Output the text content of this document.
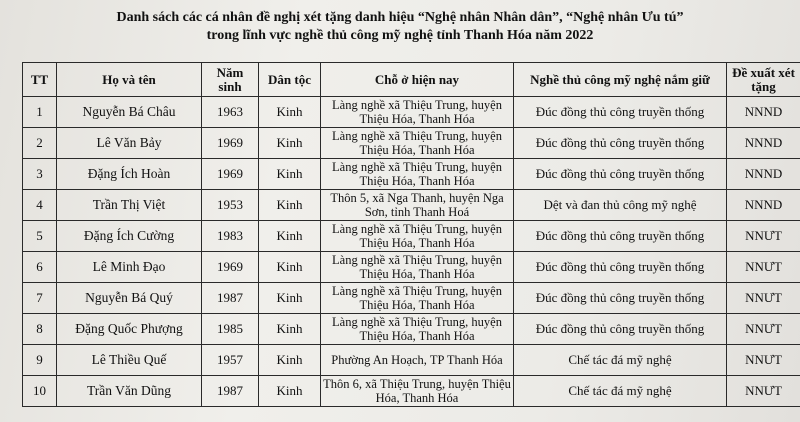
Danh sách các cá nhân đề nghị xét tặng danh hiệu “Nghệ nhân Nhân dân”, “Nghệ nhân Ưu tú”
trong lĩnh vực nghề thủ công mỹ nghệ tỉnh Thanh Hóa năm 2022
TT	Họ và tên	Năm sinh	Dân tộc	Chỗ ở hiện nay	Nghề thủ công mỹ nghệ nắm giữ	Đề xuất xét tặng
1	Nguyễn Bá Châu	1963	Kinh	Làng nghề xã Thiệu Trung, huyện Thiệu Hóa, Thanh Hóa	Đúc đồng thủ công truyền thống	NNND
2	Lê Văn Bảy	1969	Kinh	Làng nghề xã Thiệu Trung, huyện Thiệu Hóa, Thanh Hóa	Đúc đồng thủ công truyền thống	NNND
3	Đặng Ích Hoàn	1969	Kinh	Làng nghề xã Thiệu Trung, huyện Thiệu Hóa, Thanh Hóa	Đúc đồng thủ công truyền thống	NNND
4	Trần Thị Việt	1953	Kinh	Thôn 5, xã Nga Thanh, huyện Nga Sơn, tỉnh Thanh Hoá	Dệt và đan thủ công mỹ nghệ	NNND
5	Đặng Ích Cường	1983	Kinh	Làng nghề xã Thiệu Trung, huyện Thiệu Hóa, Thanh Hóa	Đúc đồng thủ công truyền thống	NNƯT
6	Lê Minh Đạo	1969	Kinh	Làng nghề xã Thiệu Trung, huyện Thiệu Hóa, Thanh Hóa	Đúc đồng thủ công truyền thống	NNƯT
7	Nguyễn Bá Quý	1987	Kinh	Làng nghề xã Thiệu Trung, huyện Thiệu Hóa, Thanh Hóa	Đúc đồng thủ công truyền thống	NNƯT
8	Đặng Quốc Phượng	1985	Kinh	Làng nghề xã Thiệu Trung, huyện Thiệu Hóa, Thanh Hóa	Đúc đồng thủ công truyền thống	NNƯT
9	Lê Thiều Quế	1957	Kinh	Phường An Hoạch, TP Thanh Hóa	Chế tác đá mỹ nghệ	NNƯT
10	Trần Văn Dũng	1987	Kinh	Thôn 6, xã Thiệu Trung, huyện Thiệu Hóa, Thanh Hóa	Chế tác đá mỹ nghệ	NNƯT
